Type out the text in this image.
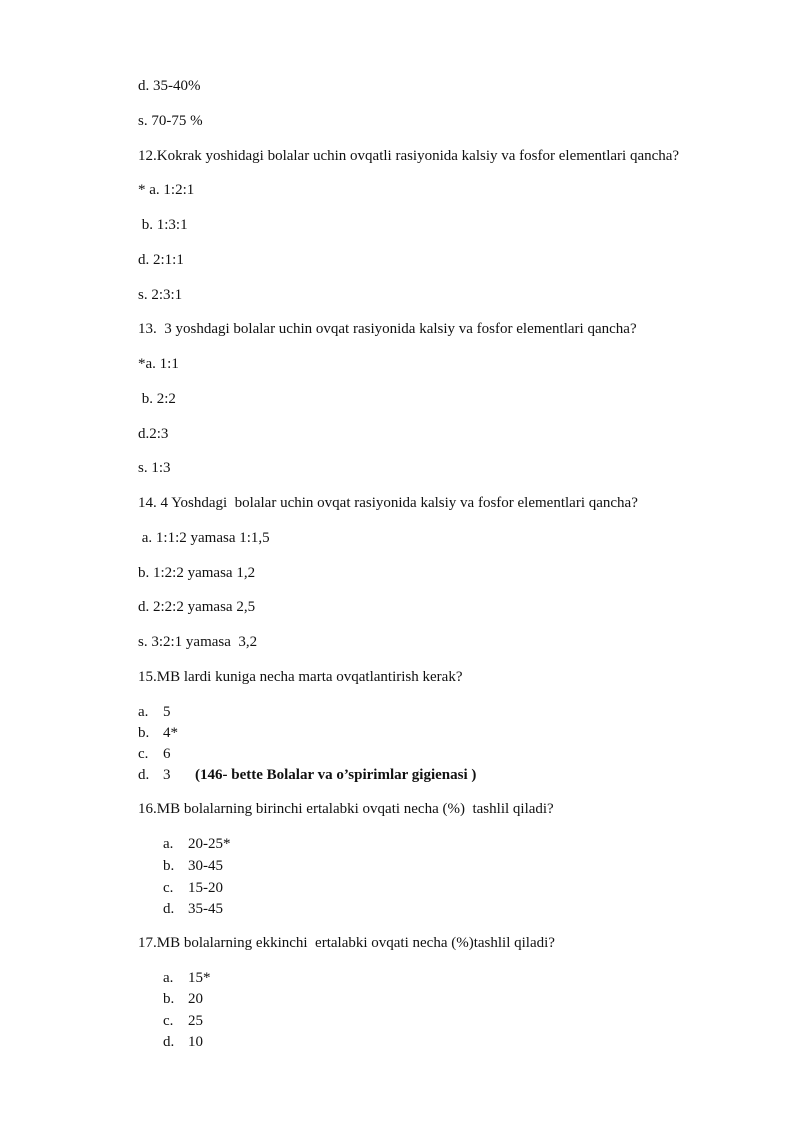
d. 35-40%
s. 70-75 %
12.Kokrak yoshidagi bolalar uchin ovqatli rasiyonida kalsiy va fosfor elementlari qancha?
* a. 1:2:1
b. 1:3:1
d. 2:1:1
s. 2:3:1
13.  3 yoshdagi bolalar uchin ovqat rasiyonida kalsiy va fosfor elementlari qancha?
*a. 1:1
b. 2:2
d.2:3
s. 1:3
14. 4 Yoshdagi  bolalar uchin ovqat rasiyonida kalsiy va fosfor elementlari qancha?
a. 1:1:2 yamasa 1:1,5
b. 1:2:2 yamasa 1,2
d. 2:2:2 yamasa 2,5
s. 3:2:1 yamasa  3,2
15.MB lardi kuniga necha marta ovqatlantirish kerak?
a. 5
b. 4*
c. 6
d. 3 (146- bette Bolalar va o’spirimlar gigienasi )
16.MB bolalarning birinchi ertalabki ovqati necha (%)  tashlil qiladi?
a. 20-25*
b. 30-45
c. 15-20
d. 35-45
17.MB bolalarning ekkinchi  ertalabki ovqati necha (%)tashlil qiladi?
a. 15*
b. 20
c. 25
d. 10
